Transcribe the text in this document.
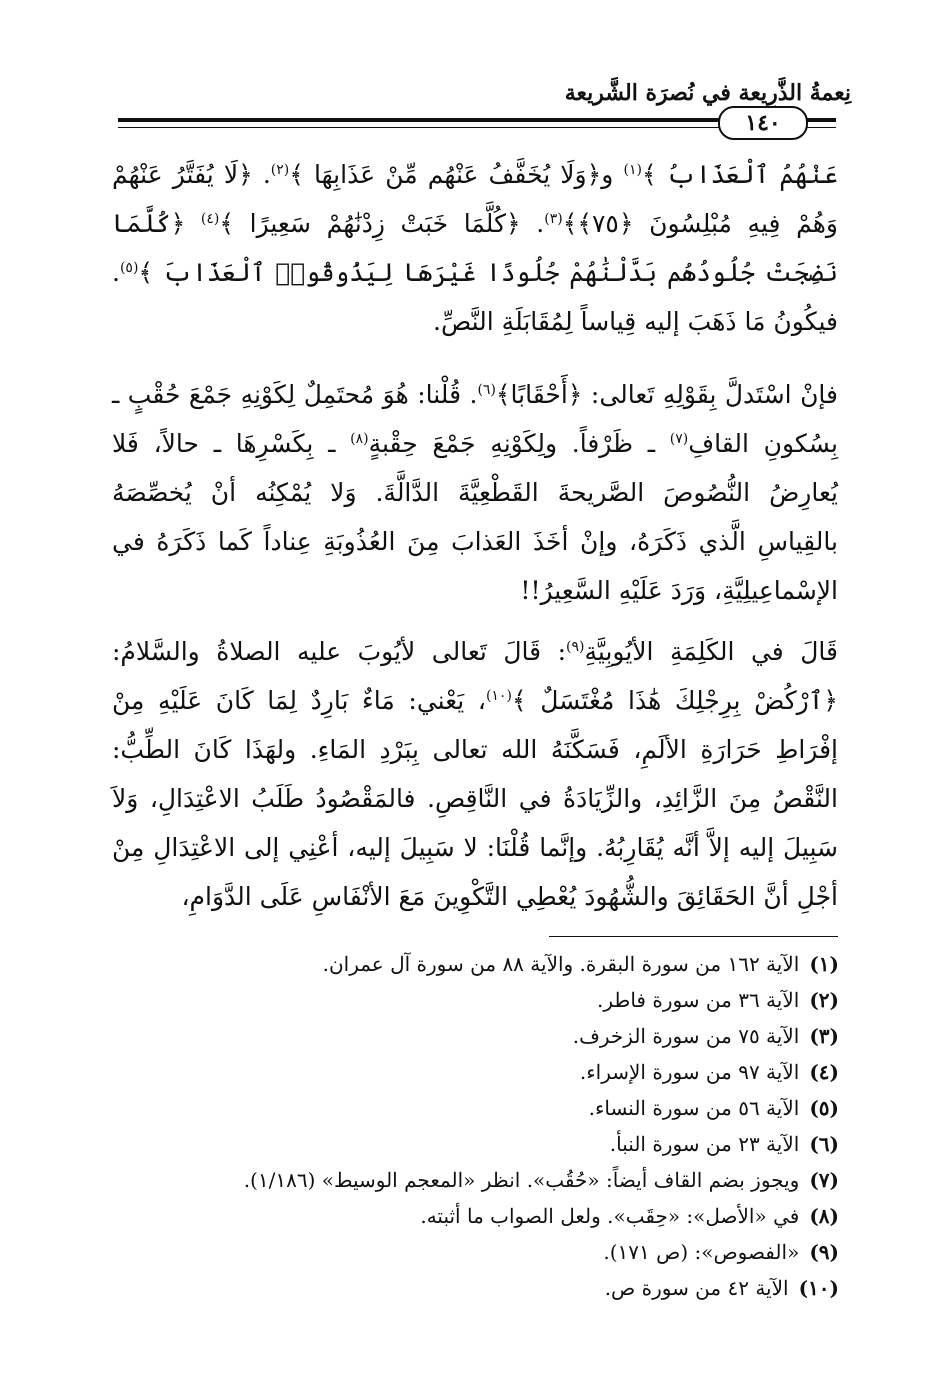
نِعمةُ الذَّرِيعة في نُصرَة الشَّريعة
١٤٠

عَنْهُمُ ٱلْعَذَابُ ﴾$^{(١)}$ و﴿وَلَا يُخَفَّفُ عَنْهُم مِّنْ عَذَابِهَا ﴾$^{(٢)}$. ﴿لَا يُفَتَّرُ عَنْهُمْ وَهُمْ فِيهِ مُبْلِسُونَ ﴿٧٥﴾﴾$^{(٣)}$. ﴿كُلَّمَا خَبَتْ زِدْنَٰهُمْ سَعِيرًا ﴾$^{(٤)}$ ﴿كُلَّمَا نَضِجَتْ جُلُودُهُم بَدَّلْنَٰهُمْ جُلُودًا غَيْرَهَا لِيَذُوقُوا۟ ٱلْعَذَابَ ﴾$^{(٥)}$. فيكُونُ مَا ذَهَبَ إليه قِياساً لِمُقَابَلَةِ النَّصِّ.

فإنْ اسْتَدلَّ بِقَوْلِهِ تَعالى: ﴿أَحْقَابًا﴾$^{(٦)}$. قُلْنا: هُوَ مُحتَمِلٌ لِكَوْنِهِ جَمْعَ حُقْبٍ ـ بِسُكونِ القافِ$^{(٧)}$ ـ ظَرْفاً. ولِكَوْنِهِ جَمْعَ حِقْبةٍ$^{(٨)}$ ـ بِكَسْرِهَا ـ حالاً، فَلا يُعارِضُ النُّصُوصَ الصَّريحةَ القَطْعِيَّةَ الدَّالَّةَ. وَلا يُمْكِنُه أنْ يُخصِّصَهُ بالقِياسِ الَّذي ذَكَرَهُ، وإنْ أخَذَ العَذابَ مِنَ العُذُوبَةِ عِناداً كَما ذَكَرَهُ في الإسْماعِيلِيَّةِ، وَرَدَ عَلَيْهِ السَّعِيرُ!!

قَالَ في الكَلِمَةِ الأيُوبِيَّةِ$^{(٩)}$: قَالَ تَعالى لأيُوبَ عليه الصلاةُ والسَّلامُ: ﴿ٱرْكُضْ بِرِجْلِكَ هَٰذَا مُغْتَسَلٌ ﴾$^{(١٠)}$، يَعْني: مَاءٌ بَارِدٌ لِمَا كَانَ عَلَيْهِ مِنْ إفْرَاطِ حَرَارَةِ الألَمِ، فَسَكَّنَهُ الله تعالى بِبَرْدِ المَاءِ. ولهَذَا كَانَ الطِّبُّ: النَّقْصُ مِنَ الزَّائِدِ، والزِّيَادَةُ في النَّاقِصِ. فالمَقْصُودُ طَلَبُ الاعْتِدَالِ، وَلاَ سَبِيلَ إليه إلاَّ أنَّه يُقَارِبُهُ. وإنَّما قُلْنَا: لا سَبِيلَ إليه، أعْنِي إلى الاعْتِدَالِ مِنْ أجْلِ أنَّ الحَقَائِقَ والشُّهُودَ يُعْطِي التَّكْوِينَ مَعَ الأنْفَاسِ عَلَى الدَّوَامِ،

(١)الآية ١٦٢ من سورة البقرة. والآية ٨٨ من سورة آل عمران.
(٢)الآية ٣٦ من سورة فاطر.
(٣)الآية ٧٥ من سورة الزخرف.
(٤)الآية ٩٧ من سورة الإسراء.
(٥)الآية ٥٦ من سورة النساء.
(٦)الآية ٢٣ من سورة النبأ.
(٧)ويجوز بضم القاف أيضاً: «حُقُب». انظر «المعجم الوسيط» (١/١٨٦).
(٨)في «الأصل»: «حِقَب». ولعل الصواب ما أثبته.
(٩)«الفصوص»: (ص ١٧١).
(١٠)الآية ٤٢ من سورة ص.
